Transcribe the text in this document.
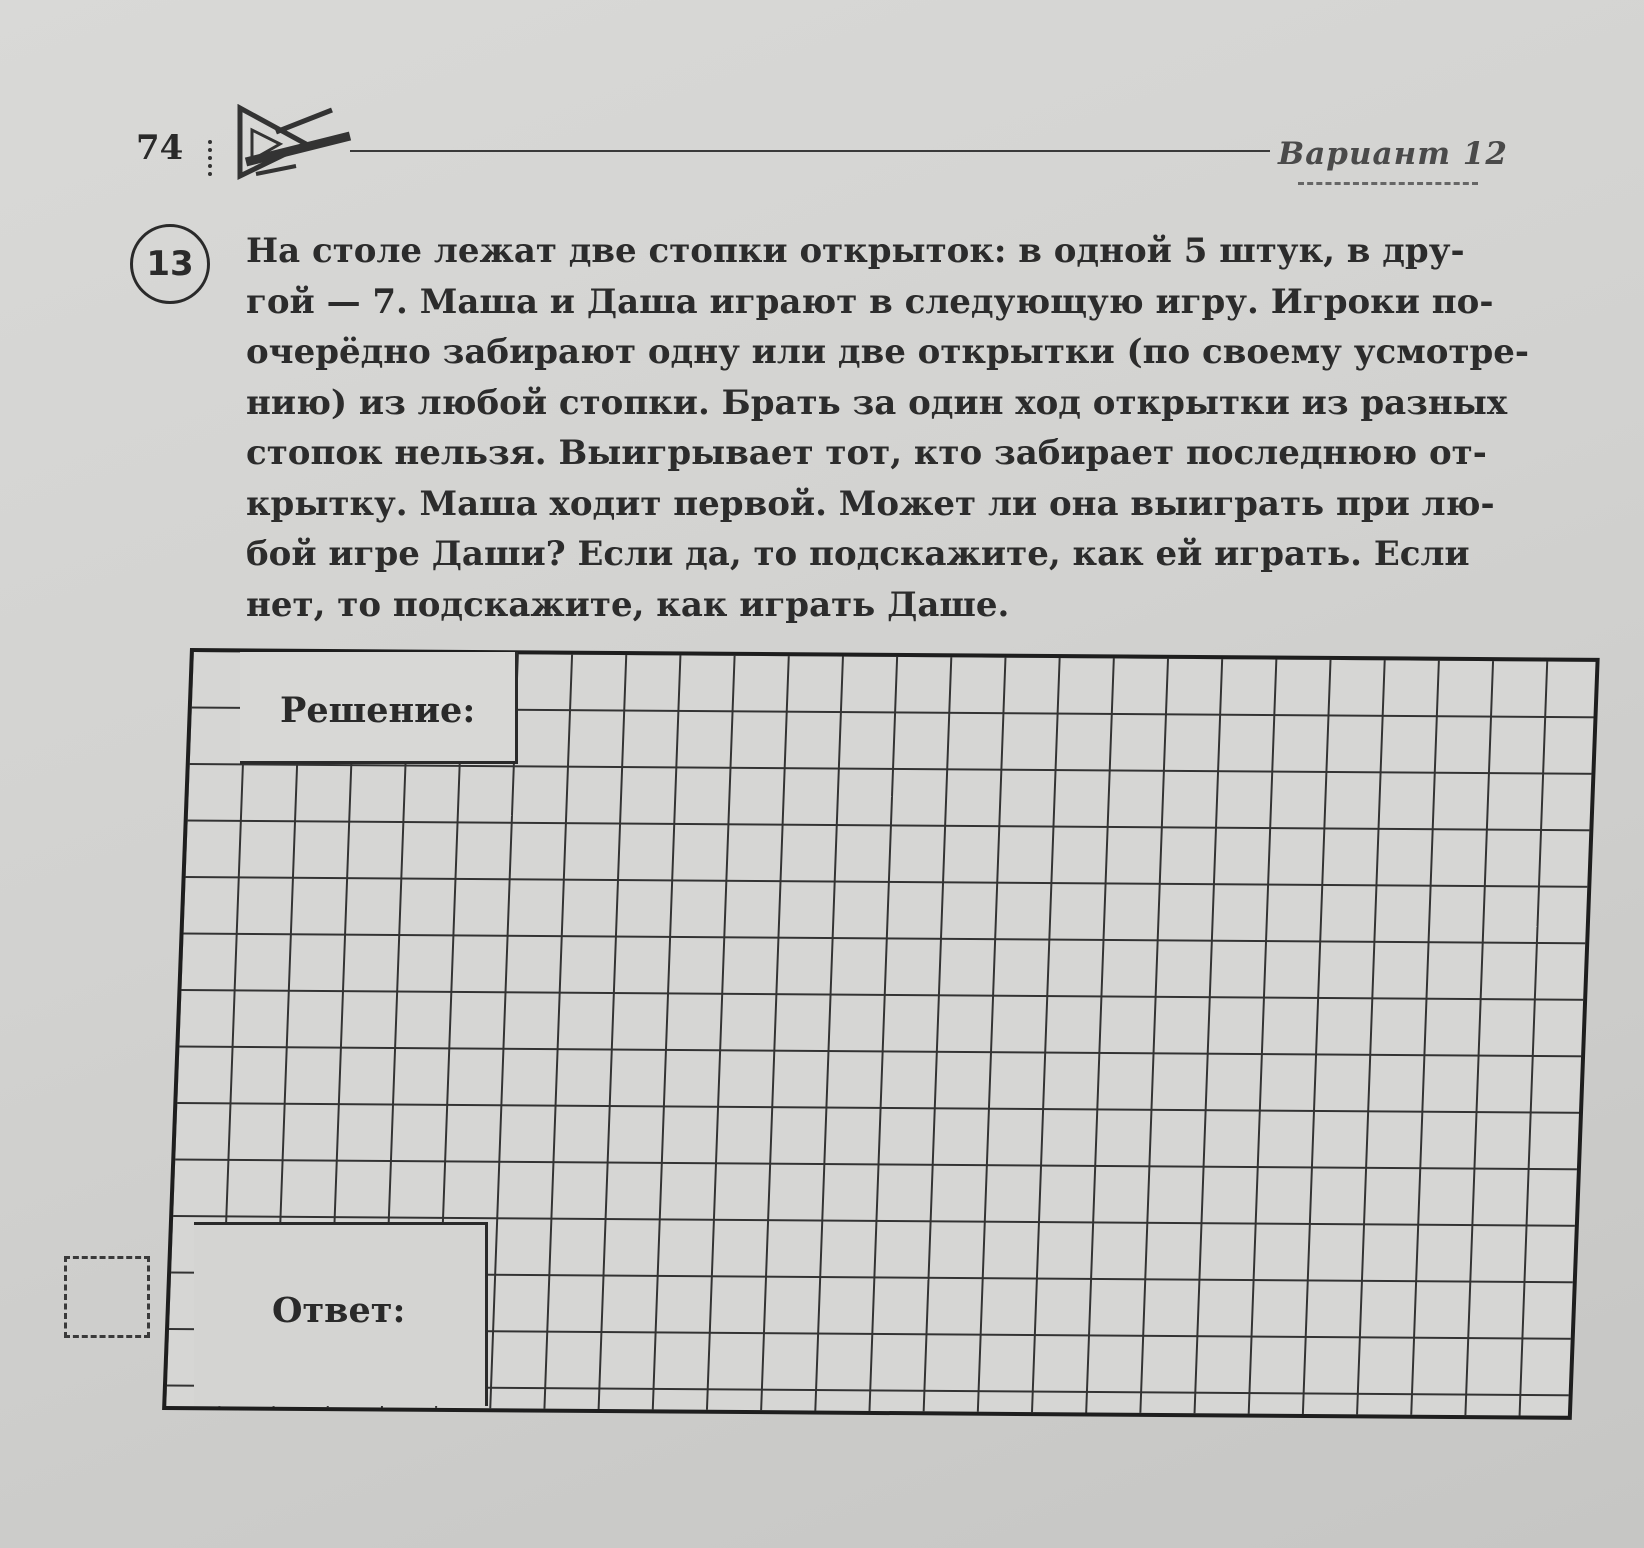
74	Вариант 12
13	На столе лежат две стопки открыток: в одной 5 штук, в дру-
гой — 7. Маша и Даша играют в следующую игру. Игроки по-
очерёдно забирают одну или две открытки (по своему усмотре-
нию) из любой стопки. Брать за один ход открытки из разных
стопок нельзя. Выигрывает тот, кто забирает последнюю от-
крытку. Маша ходит первой. Может ли она выиграть при лю-
бой игре Даши? Если да, то подскажите, как ей играть. Если
нет, то подскажите, как играть Даше.
Решение:
Ответ:
